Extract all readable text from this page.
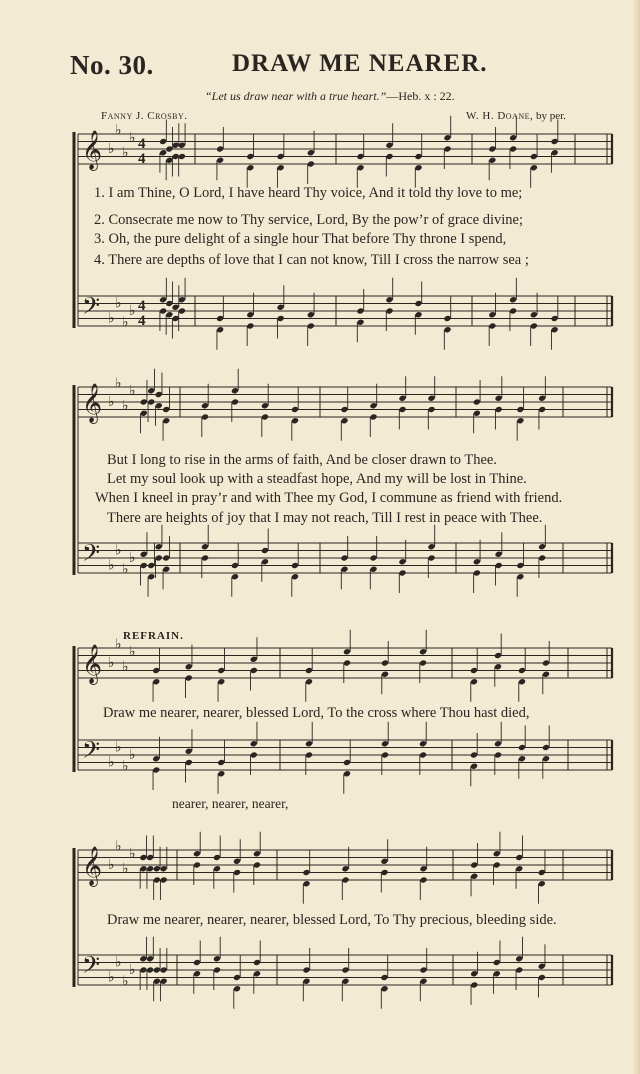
𝄞 ♭
♭
♭
♭ 4
4
𝄢 ♭
♭
♭
♭ 4
4
𝄞 ♭
♭
♭
♭
𝄢 ♭
♭
♭
♭
𝄞 ♭
♭
♭
♭
𝄢 ♭
♭
♭
♭
𝄞 ♭
♭
♭
♭
𝄢 ♭
♭
♭
♭
No. 30.	DRAW ME NEARER.
“Let us draw near with a true heart.”—Heb. x : 22.
Fanny J. Crosby.	W. H. Doane, by per.
1. I am Thine, O Lord, I have heard Thy voice, And it told thy love to me;
2. Consecrate me now to Thy service, Lord, By the pow’r of grace divine;
3. Oh, the pure delight of a single hour That before Thy throne I spend,
4. There are depths of love that I can not know, Till I cross the narrow sea ;
But I long to rise in the arms of faith, And be closer drawn to Thee.
Let my soul look up with a steadfast hope, And my will be lost in Thine.
When I kneel in pray’r and with Thee my God, I commune as friend with friend.
There are heights of joy that I may not reach, Till I rest in peace with Thee.
REFRAIN.
Draw me nearer, nearer, blessed Lord, To the cross where Thou hast died,
nearer, nearer, nearer,
Draw me nearer, nearer, nearer, blessed Lord, To Thy precious, bleeding side.
